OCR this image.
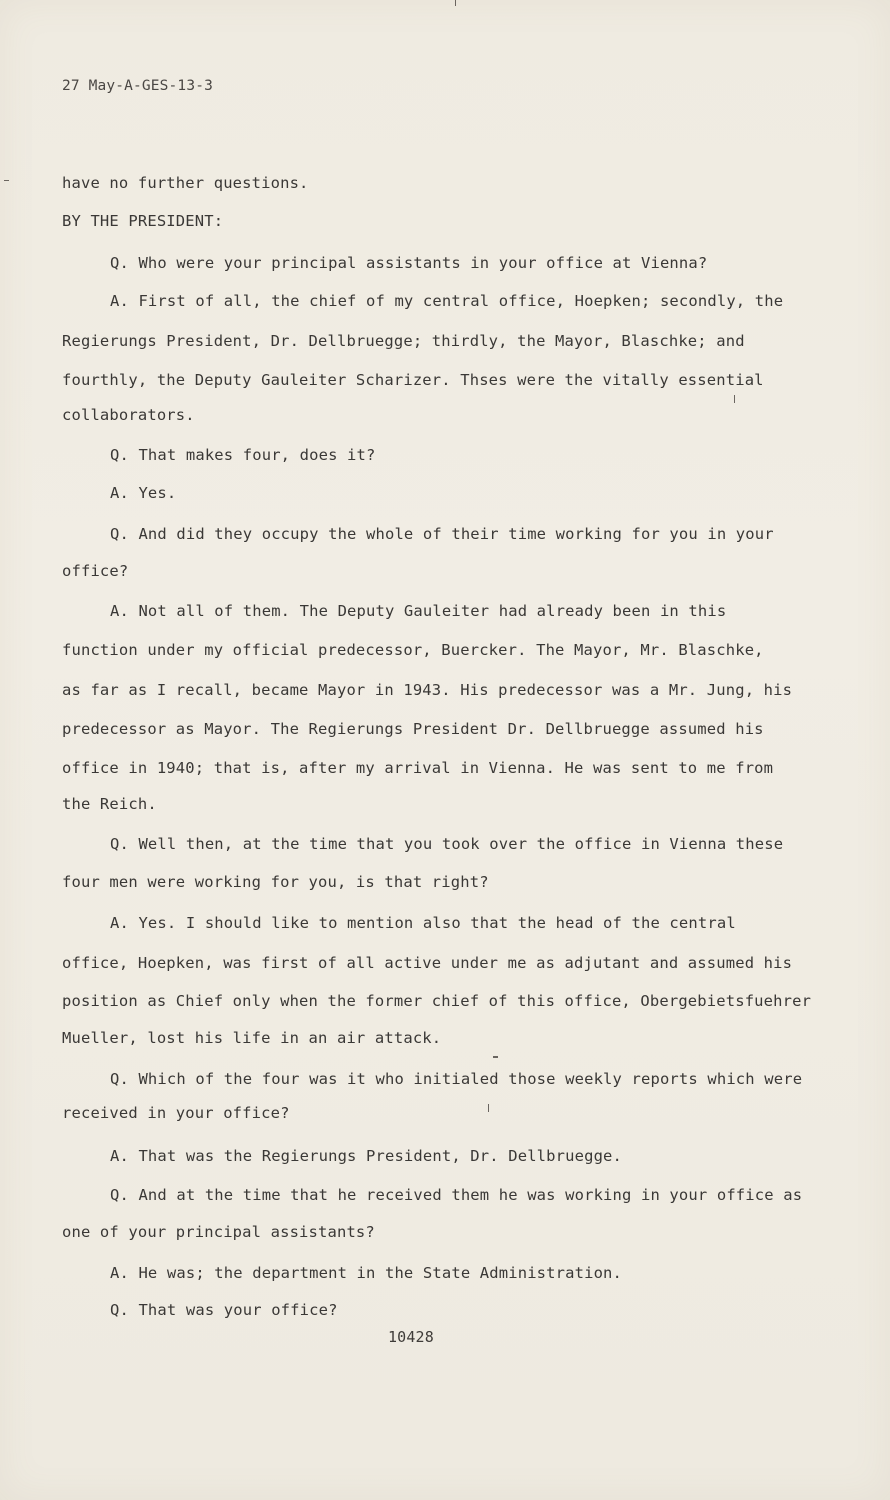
27 May-A-GES-13-3

have no further questions.

BY THE PRESIDENT:

Q. Who were your principal assistants in your office at Vienna?

A. First of all, the chief of my central office, Hoepken; secondly, the

Regierungs President, Dr. Dellbruegge; thirdly, the Mayor, Blaschke; and

fourthly, the Deputy Gauleiter Scharizer. Thses were the vitally essential

collaborators.

Q. That makes four, does it?

A. Yes.

Q. And did they occupy the whole of their time working for you in your

office?

A. Not all of them. The Deputy Gauleiter had already been in this

function under my official predecessor, Buercker. The Mayor, Mr. Blaschke,

as far as I recall, became Mayor in 1943. His predecessor was a Mr. Jung, his

predecessor as Mayor. The Regierungs President Dr. Dellbruegge assumed his

office in 1940; that is, after my arrival in Vienna. He was sent to me from

the Reich.

Q. Well then, at the time that you took over the office in Vienna these

four men were working for you, is that right?

A. Yes. I should like to mention also that the head of the central

office, Hoepken, was first of all active under me as adjutant and assumed his

position as Chief only when the former chief of this office, Obergebietsfuehrer

Mueller, lost his life in an air attack.

Q. Which of the four was it who initialed those weekly reports which were

received in your office?

A. That was the Regierungs President, Dr. Dellbruegge.

Q. And at the time that he received them he was working in your office as

one of your principal assistants?

A. He was; the department in the State Administration.

Q. That was your office?

10428
